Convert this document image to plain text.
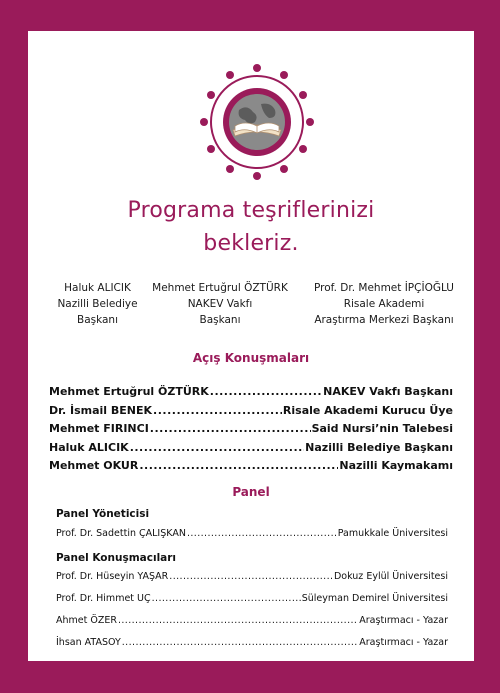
Programa teşriflerinizi
bekleriz.
Haluk ALICIK
Nazilli Belediye
Başkanı
Mehmet Ertuğrul ÖZTÜRK
NAKEV Vakfı
Başkanı
Prof. Dr. Mehmet İPÇİOĞLU
Risale Akademi
Araştırma Merkezi Başkanı
Açış Konuşmaları
Mehmet Ertuğrul ÖZTÜRK .....	NAKEV Vakfı Başkanı
Dr. İsmail BENEK .....	Risale Akademi Kurucu Üye
Mehmet FIRINCI .....	Said Nursi’nin Talebesi
Haluk ALICIK .....	Nazilli Belediye Başkanı
Mehmet OKUR .....	Nazilli Kaymakamı
Panel
Panel Yöneticisi
Prof. Dr. Sadettin ÇALIŞKAN .....	Pamukkale Üniversitesi
Panel Konuşmacıları
Prof. Dr. Hüseyin YAŞAR .....	Dokuz Eylül Üniversitesi
Prof. Dr. Himmet UÇ .....	Süleyman Demirel Üniversitesi
Ahmet ÖZER .....	Araştırmacı - Yazar
İhsan ATASOY .....	Araştırmacı - Yazar
